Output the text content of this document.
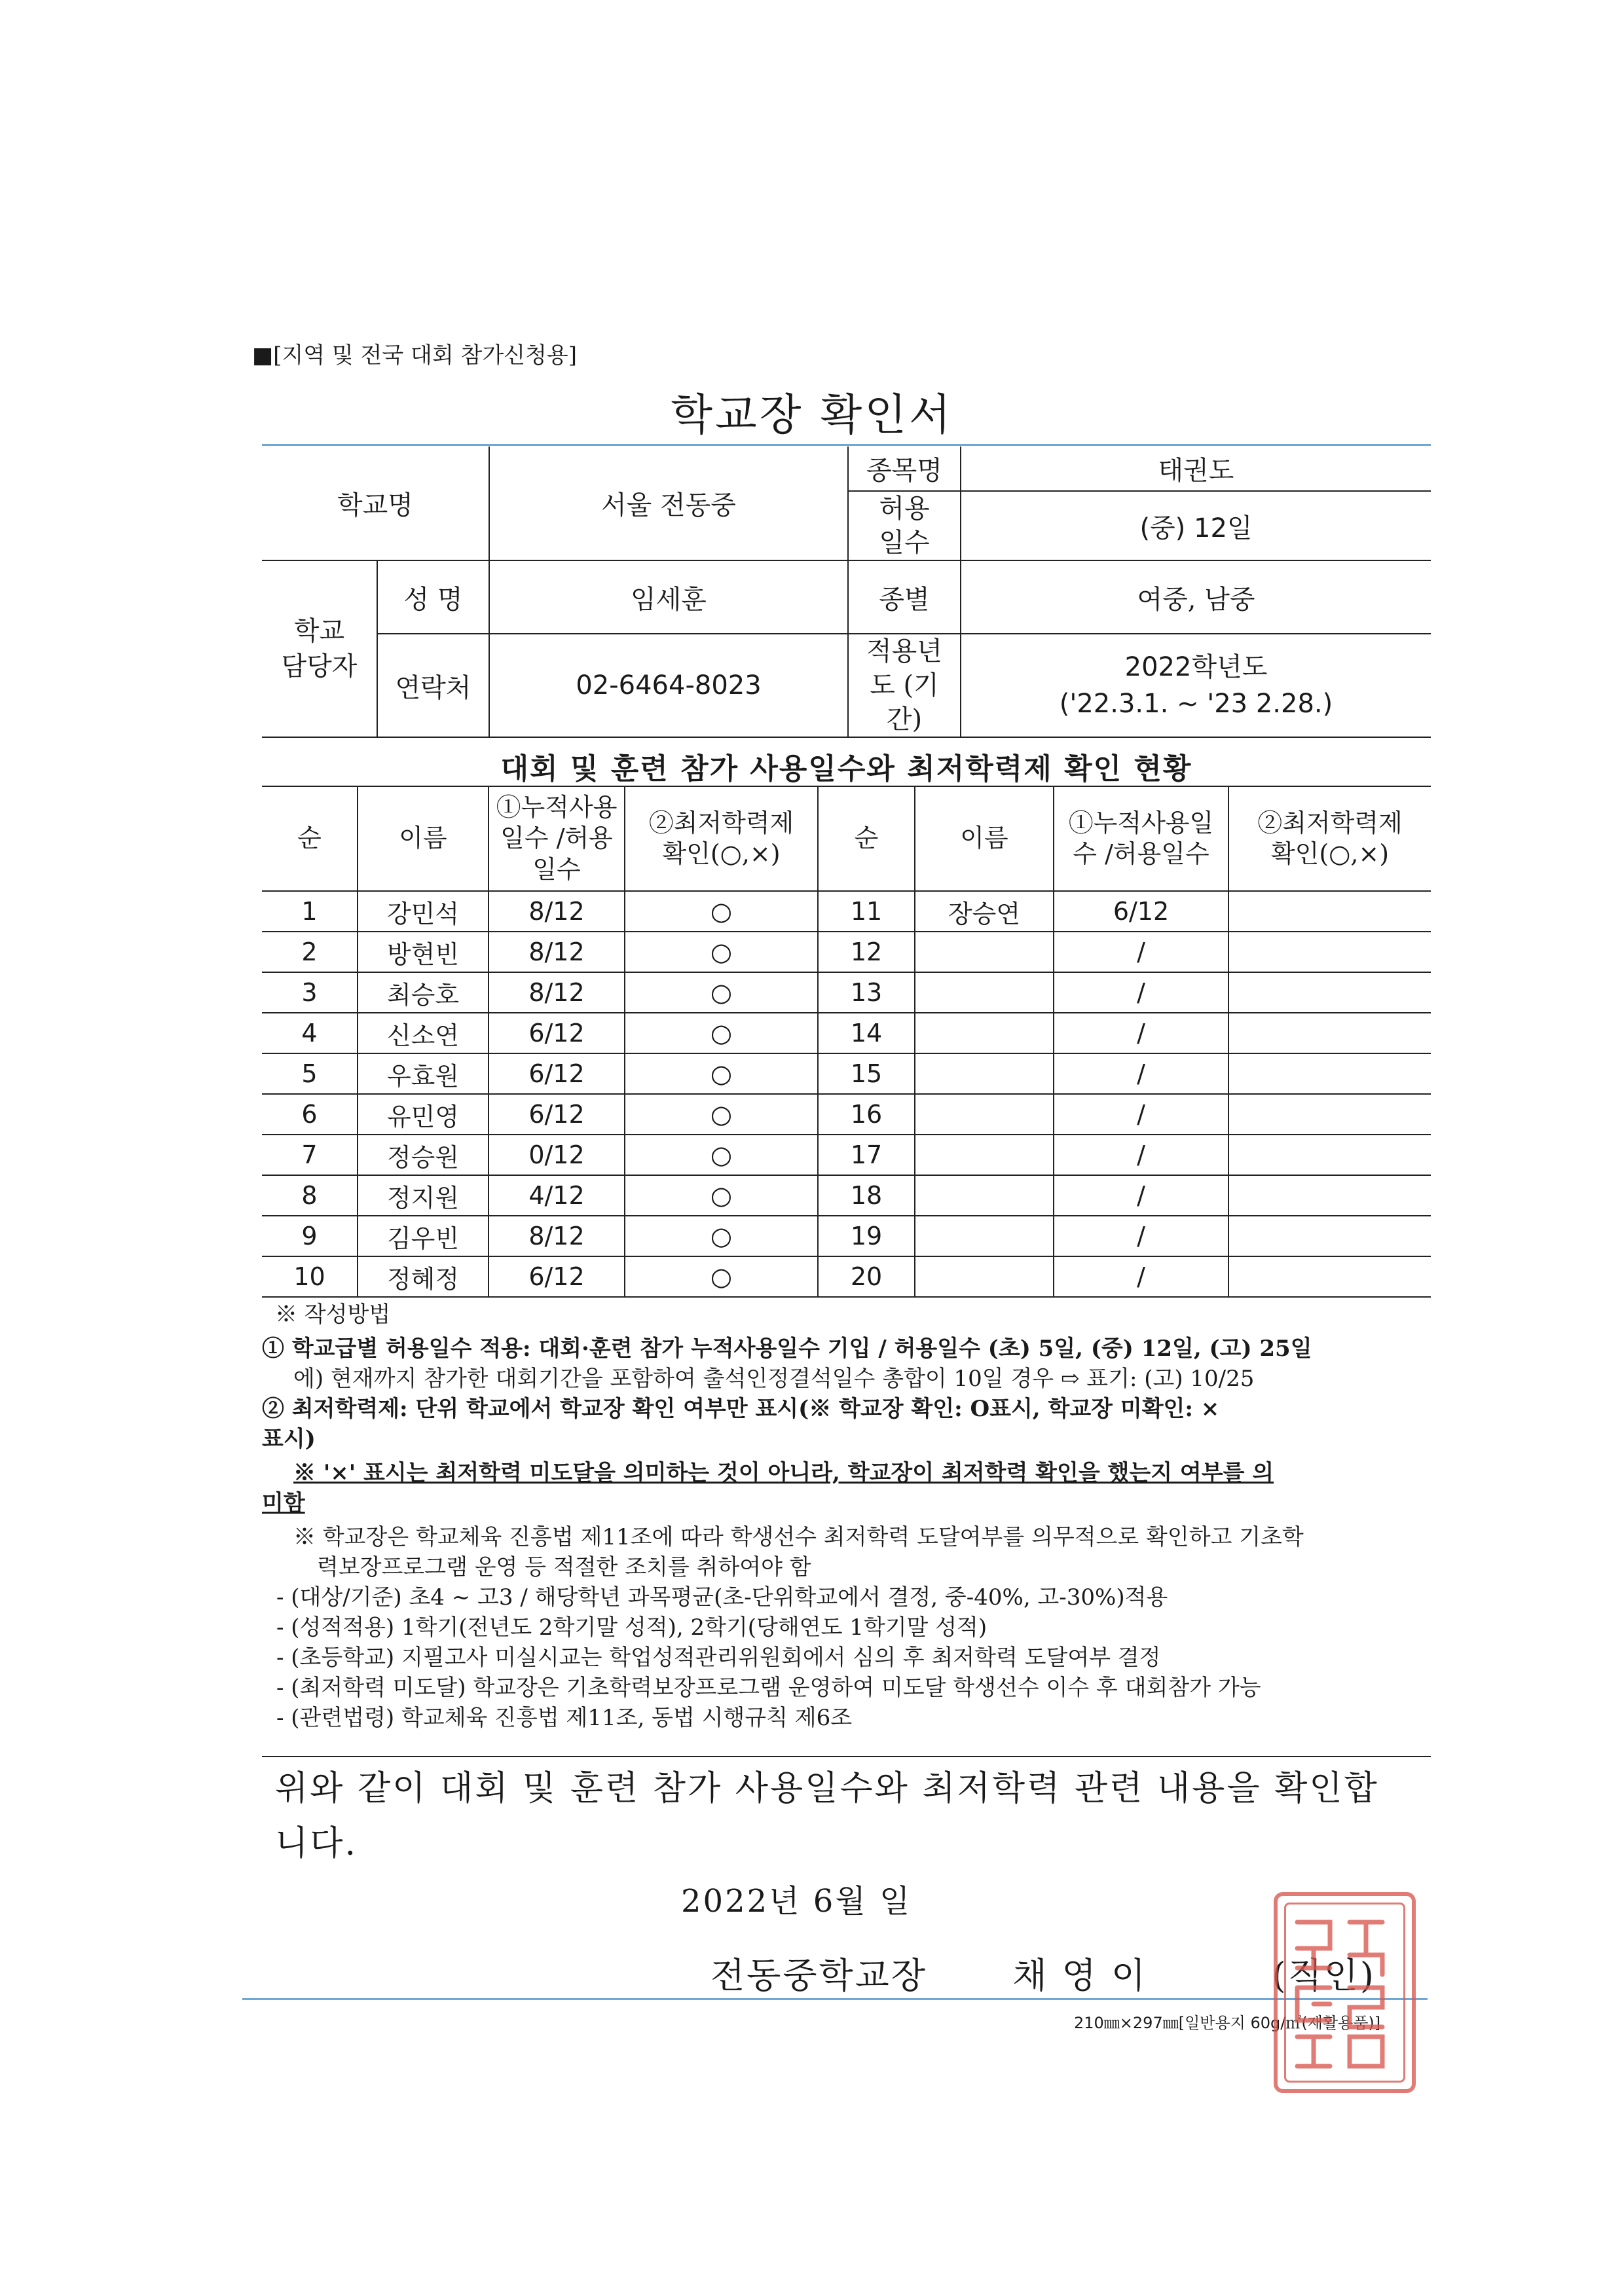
■[지역 및 전국 대회 참가신청용]
학교장 확인서
학교명		서울 전동중	종목명	태권도
			허용일수	(중) 12일
학교 담당자	성 명	임세훈	종별	여중, 남중
	연락처	02-6464-8023	적용년도 (기간)	2022학년도
('22.3.1. ~ '23 2.28.)
대회 및 훈련 참가 사용일수와 최저학력제 확인 현황
순	이름	①누적사용일수 /허용일수	②최저학력제 확인(○,×)	순	이름	①누적사용일수 /허용일수	②최저학력제 확인(○,×)
1	강민석	8/12	○	11	장승연	6/12	
2	방현빈	8/12	○	12		/	
3	최승호	8/12	○	13		/	
4	신소연	6/12	○	14		/	
5	우효원	6/12	○	15		/	
6	유민영	6/12	○	16		/	
7	정승원	0/12	○	17		/	
8	정지원	4/12	○	18		/	
9	김우빈	8/12	○	19		/	
10	정혜정	6/12	○	20		/	
※ 작성방법
① 학교급별 허용일수 적용: 대회·훈련 참가 누적사용일수 기입 / 허용일수 (초) 5일, (중) 12일, (고) 25일
에) 현재까지 참가한 대회기간을 포함하여 출석인정결석일수 총합이 10일 경우 ⇨ 표기: (고) 10/25
② 최저학력제: 단위 학교에서 학교장 확인 여부만 표시(※ 학교장 확인: O표시, 학교장 미확인: ×
표시)
※ '×' 표시는 최저학력 미도달을 의미하는 것이 아니라, 학교장이 최저학력 확인을 했는지 여부를 의
미함
※ 학교장은 학교체육 진흥법 제11조에 따라 학생선수 최저학력 도달여부를 의무적으로 확인하고 기초학
력보장프로그램 운영 등 적절한 조치를 취하여야 함
- (대상/기준) 초4 ~ 고3 / 해당학년 과목평균(초-단위학교에서 결정, 중-40%, 고-30%)적용
- (성적적용) 1학기(전년도 2학기말 성적), 2학기(당해연도 1학기말 성적)
- (초등학교) 지필고사 미실시교는 학업성적관리위원회에서 심의 후 최저학력 도달여부 결정
- (최저학력 미도달) 학교장은 기초학력보장프로그램 운영하여 미도달 학생선수 이수 후 대회참가 가능
- (관련법령) 학교체육 진흥법 제11조, 동법 시행규칙 제6조
위와 같이 대회 및 훈련 참가 사용일수와 최저학력 관련 내용을 확인합
니다.
2022년 6월 일
전동중학교장 채 영 이	(직인)
210㎜×297㎜[일반용지 60g/㎡(재활용품)]
